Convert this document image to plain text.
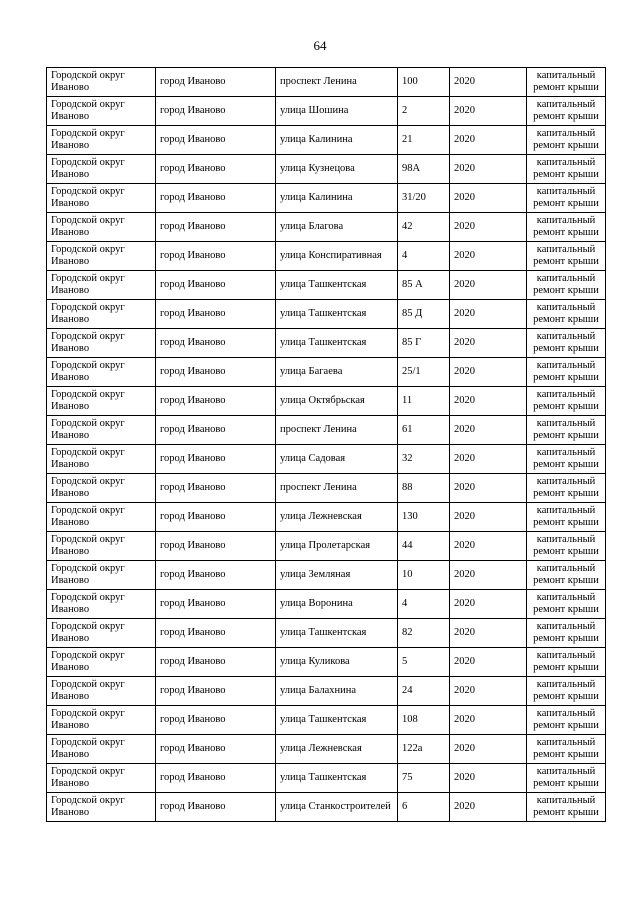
64
Городской округ Иваново	город Иваново	проспект Ленина	100	2020	капитальный ремонт крыши
Городской округ Иваново	город Иваново	улица Шошина	2	2020	капитальный ремонт крыши
Городской округ Иваново	город Иваново	улица Калинина	21	2020	капитальный ремонт крыши
Городской округ Иваново	город Иваново	улица Кузнецова	98А	2020	капитальный ремонт крыши
Городской округ Иваново	город Иваново	улица Калинина	31/20	2020	капитальный ремонт крыши
Городской округ Иваново	город Иваново	улица Благова	42	2020	капитальный ремонт крыши
Городской округ Иваново	город Иваново	улица Конспиративная	4	2020	капитальный ремонт крыши
Городской округ Иваново	город Иваново	улица Ташкентская	85 А	2020	капитальный ремонт крыши
Городской округ Иваново	город Иваново	улица Ташкентская	85 Д	2020	капитальный ремонт крыши
Городской округ Иваново	город Иваново	улица Ташкентская	85 Г	2020	капитальный ремонт крыши
Городской округ Иваново	город Иваново	улица Багаева	25/1	2020	капитальный ремонт крыши
Городской округ Иваново	город Иваново	улица Октябрьская	11	2020	капитальный ремонт крыши
Городской округ Иваново	город Иваново	проспект Ленина	61	2020	капитальный ремонт крыши
Городской округ Иваново	город Иваново	улица Садовая	32	2020	капитальный ремонт крыши
Городской округ Иваново	город Иваново	проспект Ленина	88	2020	капитальный ремонт крыши
Городской округ Иваново	город Иваново	улица Лежневская	130	2020	капитальный ремонт крыши
Городской округ Иваново	город Иваново	улица Пролетарская	44	2020	капитальный ремонт крыши
Городской округ Иваново	город Иваново	улица Земляная	10	2020	капитальный ремонт крыши
Городской округ Иваново	город Иваново	улица Воронина	4	2020	капитальный ремонт крыши
Городской округ Иваново	город Иваново	улица Ташкентская	82	2020	капитальный ремонт крыши
Городской округ Иваново	город Иваново	улица Куликова	5	2020	капитальный ремонт крыши
Городской округ Иваново	город Иваново	улица Балахнина	24	2020	капитальный ремонт крыши
Городской округ Иваново	город Иваново	улица Ташкентская	108	2020	капитальный ремонт крыши
Городской округ Иваново	город Иваново	улица Лежневская	122а	2020	капитальный ремонт крыши
Городской округ Иваново	город Иваново	улица Ташкентская	75	2020	капитальный ремонт крыши
Городской округ Иваново	город Иваново	улица Станкостроителей	6	2020	капитальный ремонт крыши
